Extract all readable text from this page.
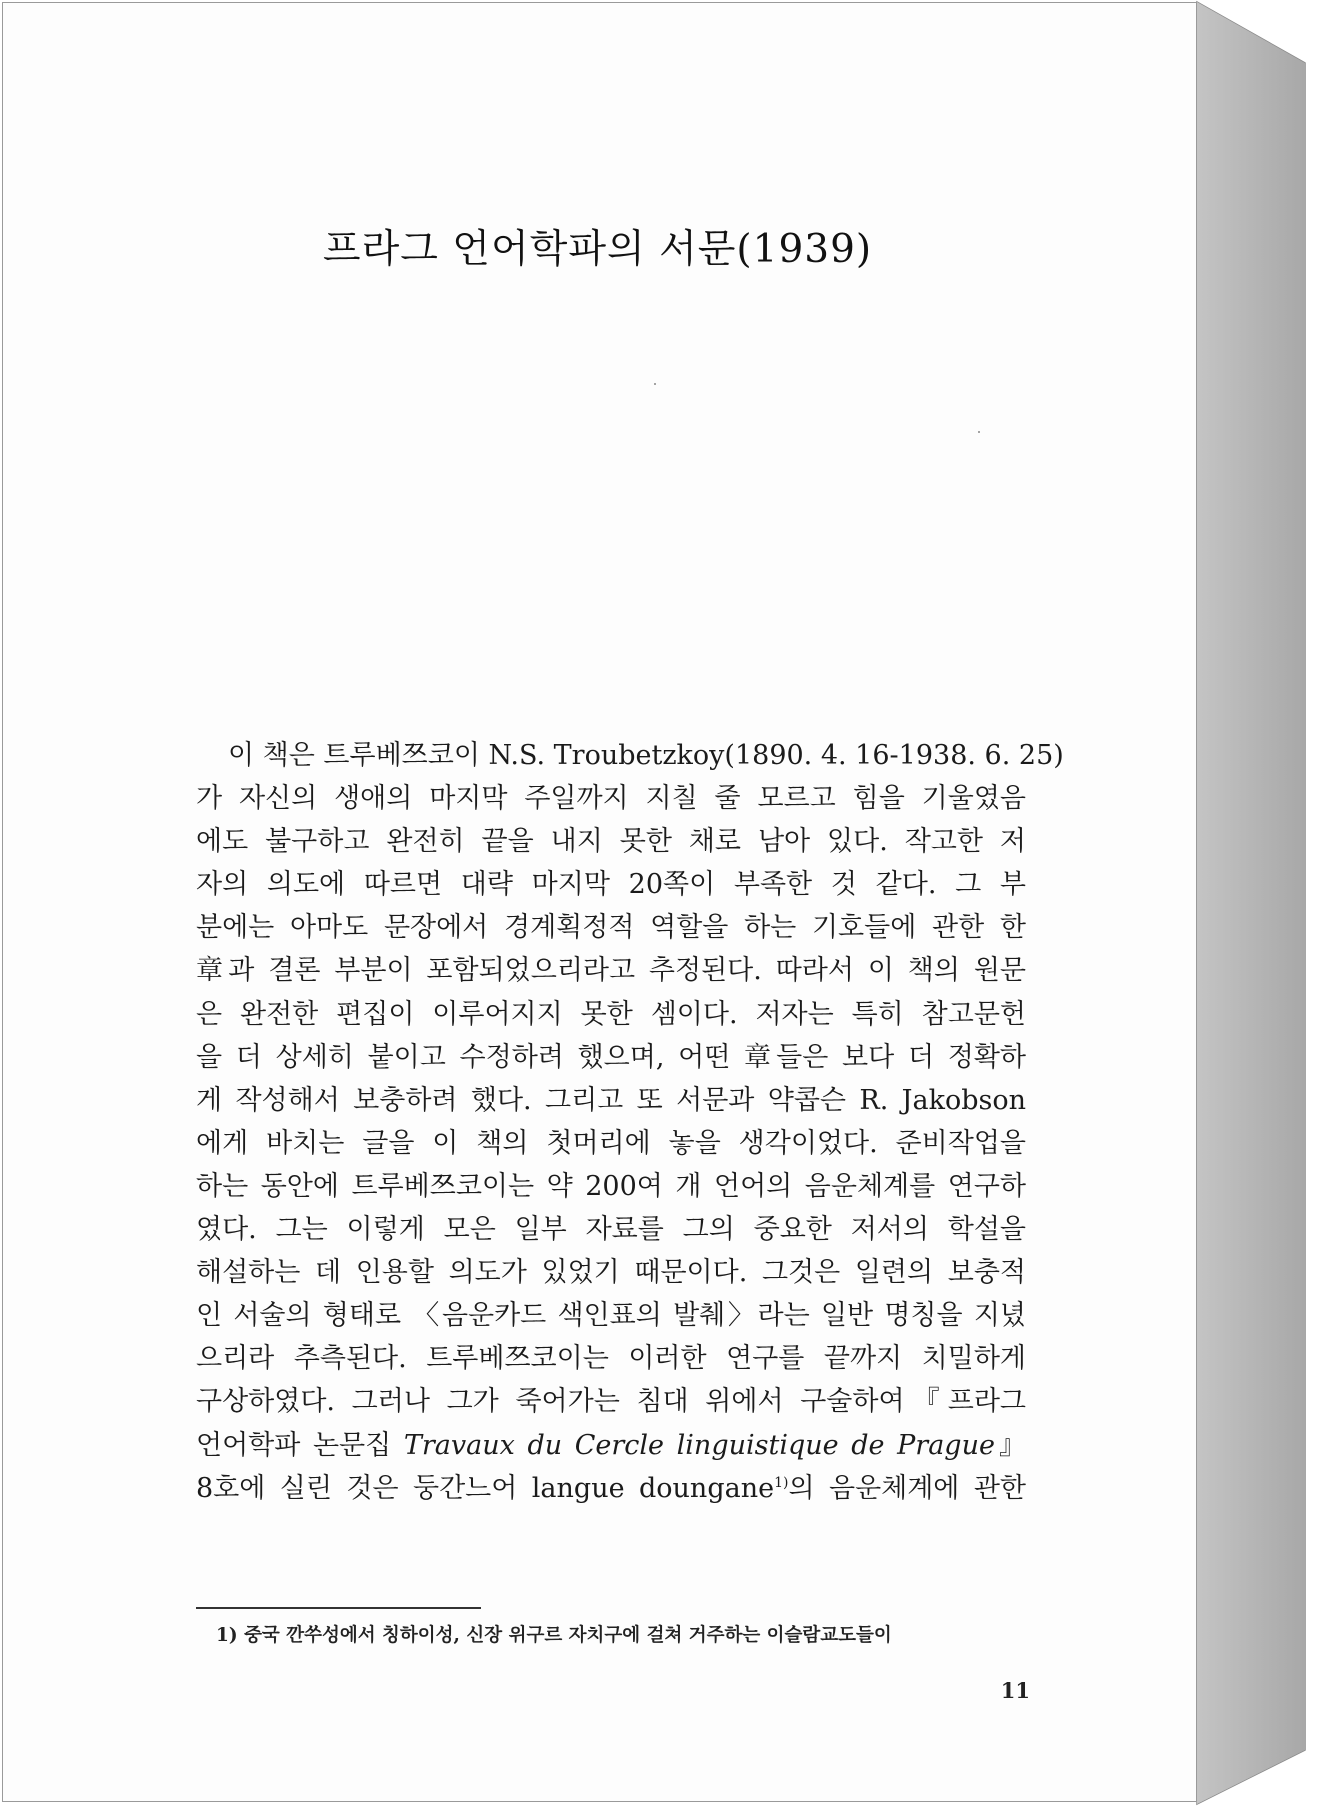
프라그 언어학파의 서문(1939)
이 책은 트루베쯔코이 N.S. Troubetzkoy(1890. 4. 16-1938. 6. 25)
가 자신의 생애의 마지막 주일까지 지칠 줄 모르고 힘을 기울였음
에도 불구하고 완전히 끝을 내지 못한 채로 남아 있다. 작고한 저
자의 의도에 따르면 대략 마지막 20쪽이 부족한 것 같다. 그 부
분에는 아마도 문장에서 경계획정적 역할을 하는 기호들에 관한 한
章과 결론 부분이 포함되었으리라고 추정된다. 따라서 이 책의 원문
은 완전한 편집이 이루어지지 못한 셈이다. 저자는 특히 참고문헌
을 더 상세히 붙이고 수정하려 했으며, 어떤 章들은 보다 더 정확하
게 작성해서 보충하려 했다. 그리고 또 서문과 약콥슨 R. Jakobson
에게 바치는 글을 이 책의 첫머리에 놓을 생각이었다. 준비작업을
하는 동안에 트루베쯔코이는 약 200여 개 언어의 음운체계를 연구하
였다. 그는 이렇게 모은 일부 자료를 그의 중요한 저서의 학설을
해설하는 데 인용할 의도가 있었기 때문이다. 그것은 일련의 보충적
인 서술의 형태로 〈음운카드 색인표의 발췌〉라는 일반 명칭을 지녔
으리라 추측된다. 트루베쯔코이는 이러한 연구를 끝까지 치밀하게
구상하였다. 그러나 그가 죽어가는 침대 위에서 구술하여『프라그
언어학파 논문집 Travaux du Cercle linguistique de Prague』
8호에 실린 것은 둥간느어 langue doungane$^{1)}$의 음운체계에 관한
1) 중국 깐쑤성에서 칭하이성, 신장 위구르 자치구에 걸쳐 거주하는 이슬람교도들이
11
